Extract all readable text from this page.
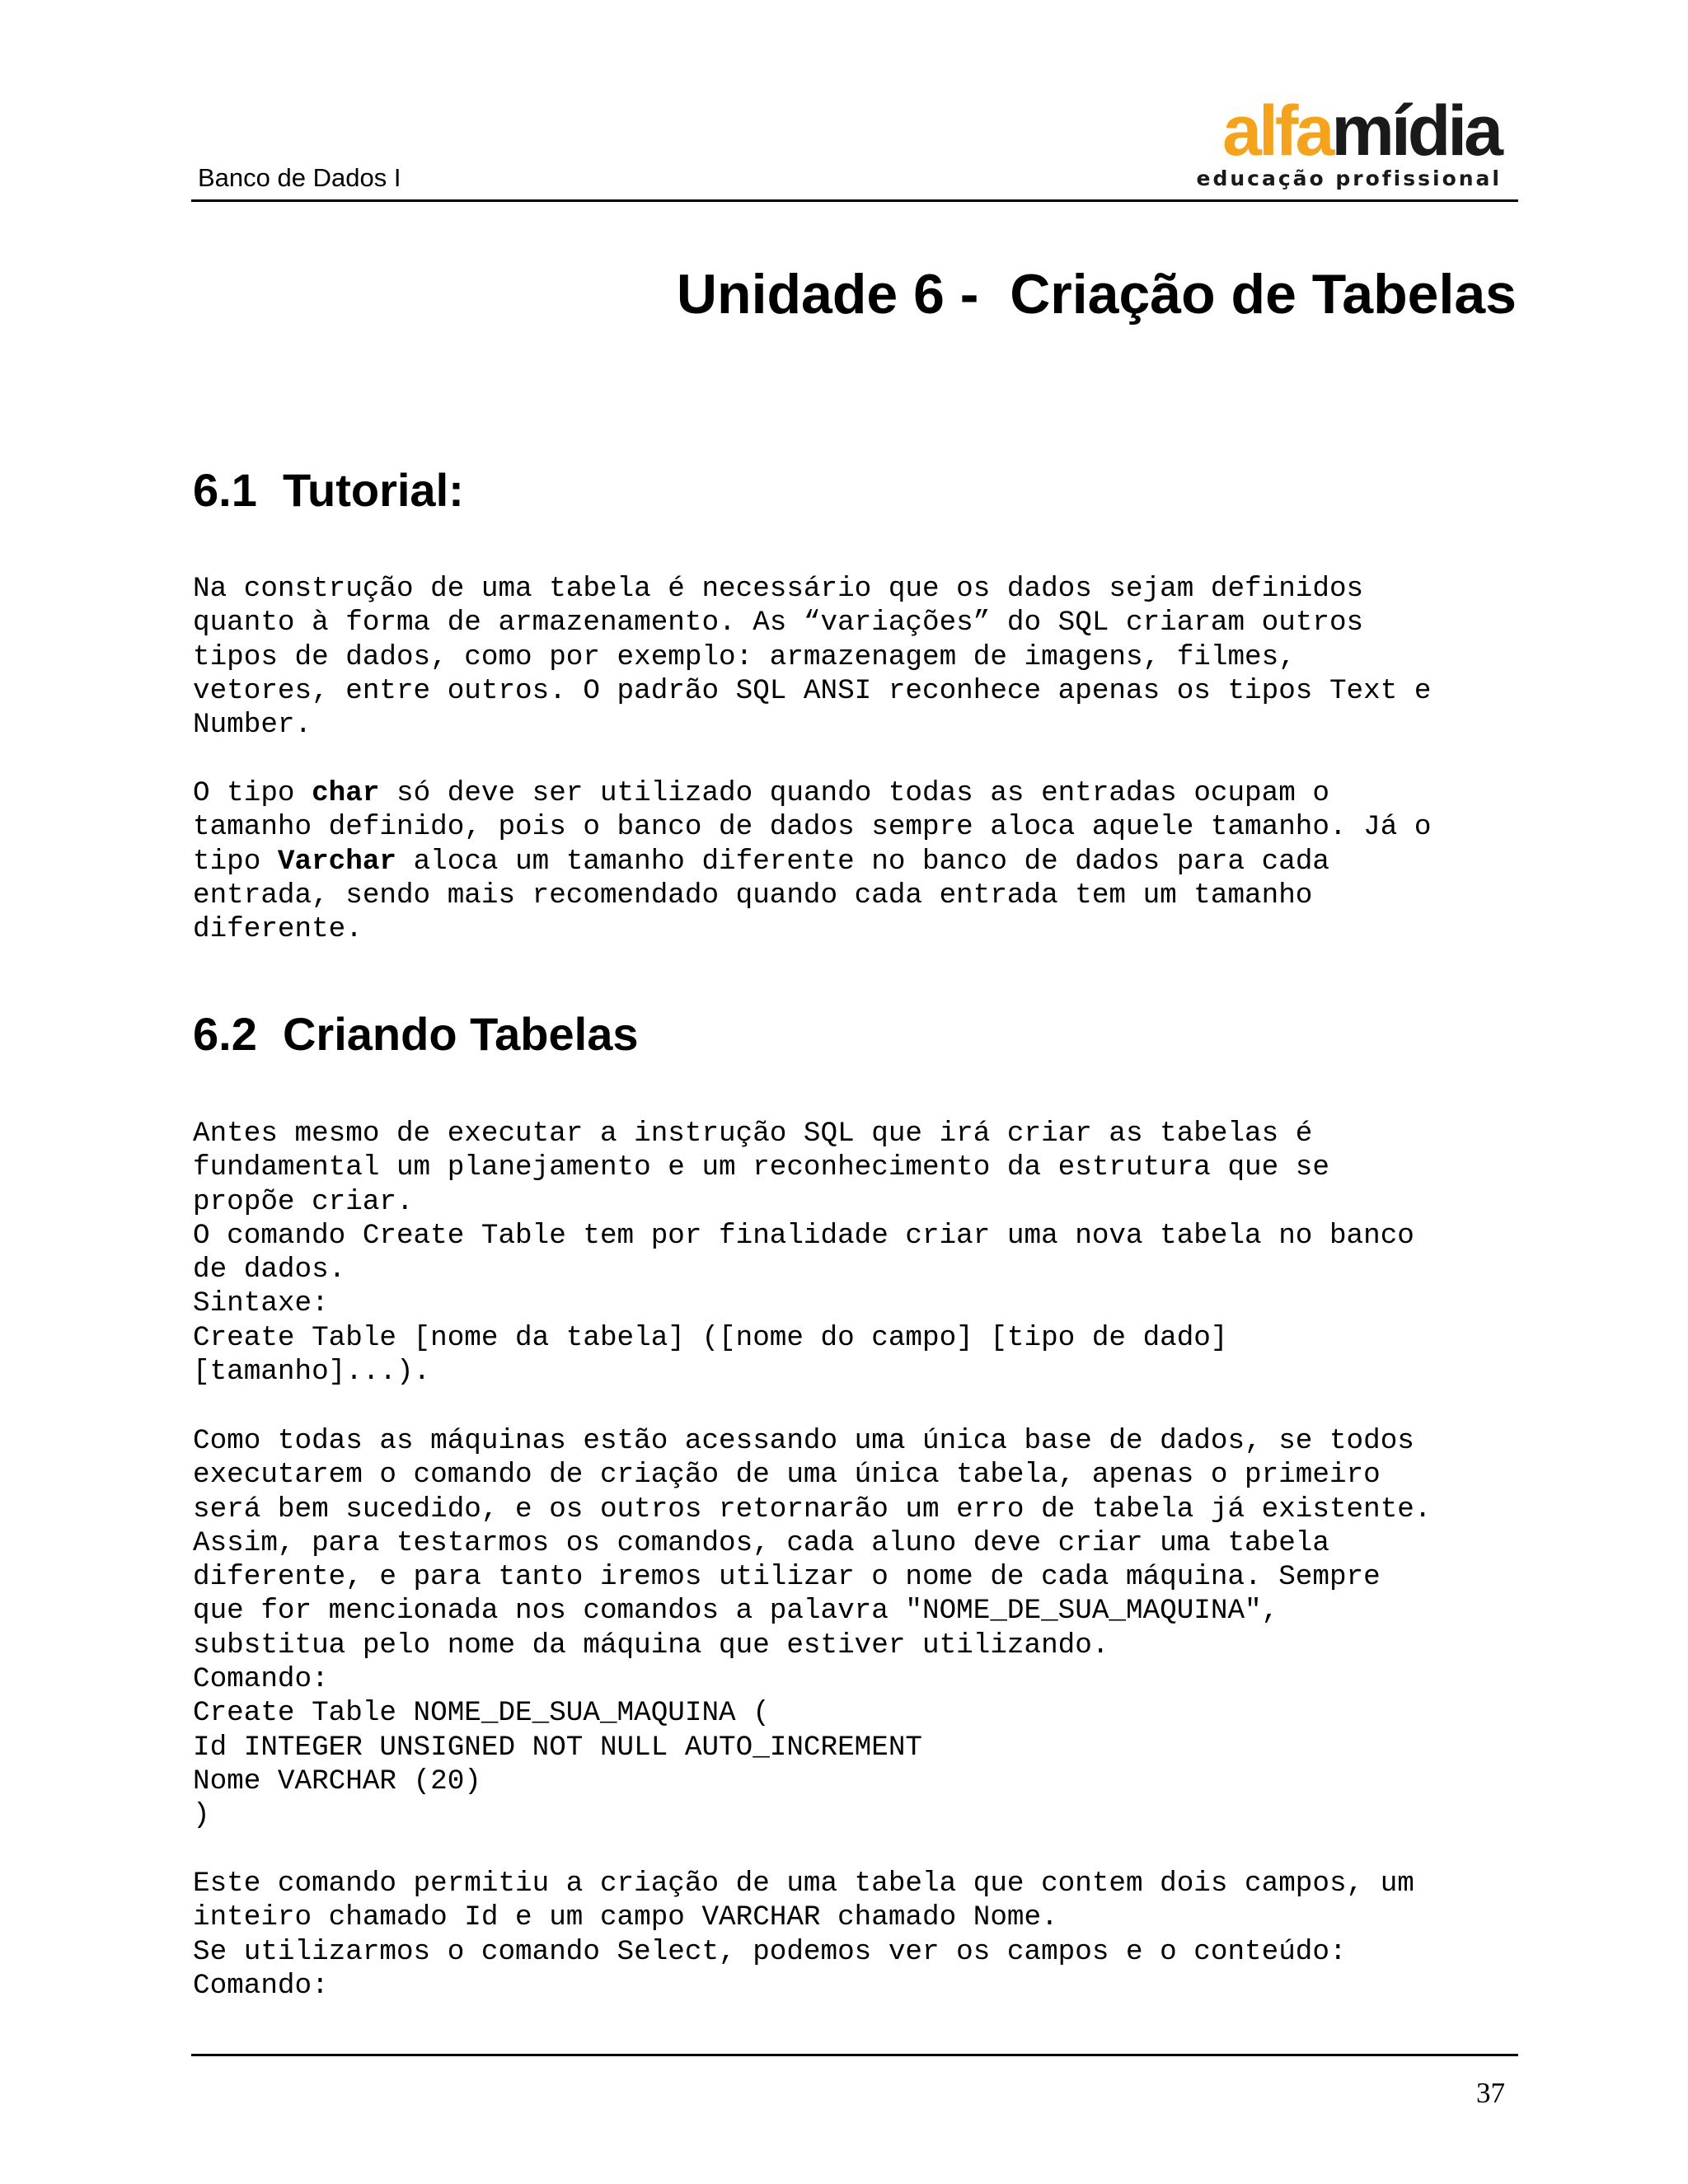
Banco de Dados I
alfamídia
educação profissional
Unidade 6 -  Criação de Tabelas
6.1  Tutorial:
Na construção de uma tabela é necessário que os dados sejam definidos
quanto à forma de armazenamento. As “variações” do SQL criaram outros
tipos de dados, como por exemplo: armazenagem de imagens, filmes,
vetores, entre outros. O padrão SQL ANSI reconhece apenas os tipos Text e
Number.
O tipo char só deve ser utilizado quando todas as entradas ocupam o
tamanho definido, pois o banco de dados sempre aloca aquele tamanho. Já o
tipo Varchar aloca um tamanho diferente no banco de dados para cada
entrada, sendo mais recomendado quando cada entrada tem um tamanho
diferente.
6.2  Criando Tabelas
Antes mesmo de executar a instrução SQL que irá criar as tabelas é
fundamental um planejamento e um reconhecimento da estrutura que se
propõe criar.
O comando Create Table tem por finalidade criar uma nova tabela no banco
de dados.
Sintaxe:
Create Table [nome da tabela] ([nome do campo] [tipo de dado]
[tamanho]...).
Como todas as máquinas estão acessando uma única base de dados, se todos
executarem o comando de criação de uma única tabela, apenas o primeiro
será bem sucedido, e os outros retornarão um erro de tabela já existente.
Assim, para testarmos os comandos, cada aluno deve criar uma tabela
diferente, e para tanto iremos utilizar o nome de cada máquina. Sempre
que for mencionada nos comandos a palavra "NOME_DE_SUA_MAQUINA",
substitua pelo nome da máquina que estiver utilizando.
Comando:
Create Table NOME_DE_SUA_MAQUINA (
Id INTEGER UNSIGNED NOT NULL AUTO_INCREMENT
Nome VARCHAR (20)
)
Este comando permitiu a criação de uma tabela que contem dois campos, um
inteiro chamado Id e um campo VARCHAR chamado Nome.
Se utilizarmos o comando Select, podemos ver os campos e o conteúdo:
Comando:
37
